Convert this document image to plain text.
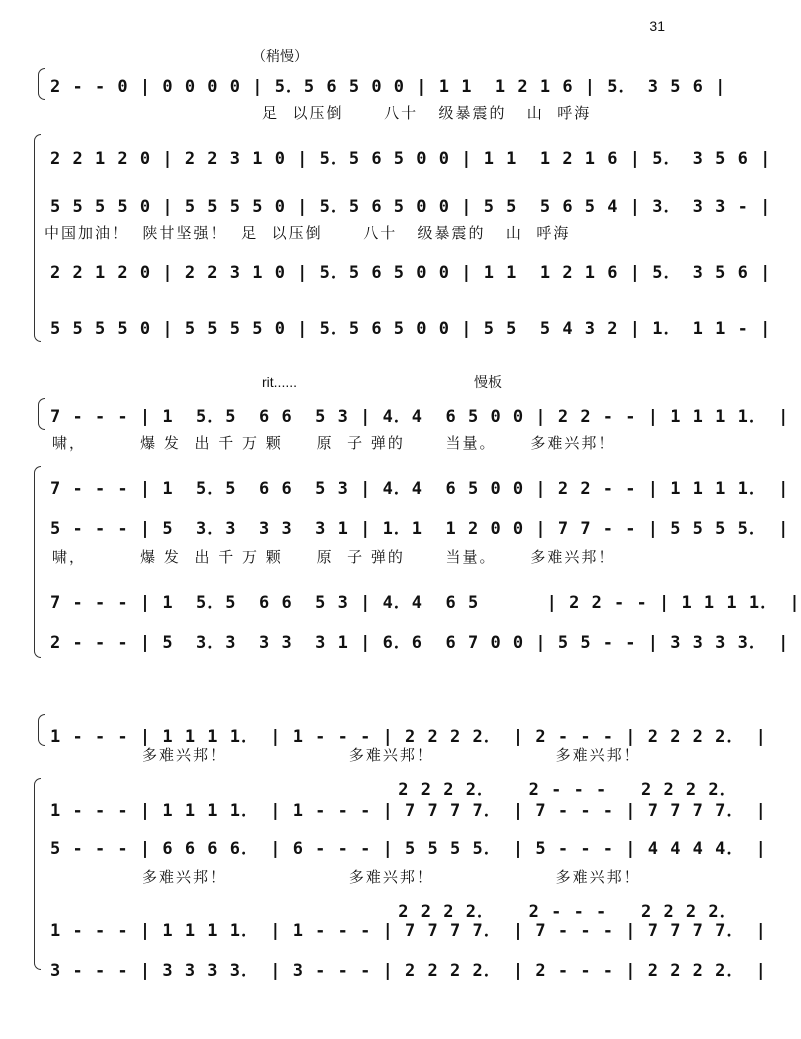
31
（稍慢）
2 - - 0 | 0 0 0 0 | 5．5 6 5 0 0 | 1 1  1 2 1 6 | 5． 3 5 6 |
足  以压倒      八十   级暴震的   山  呼海
2 2 1 2 0 | 2 2 3 1 0 | 5．5 6 5 0 0 | 1 1  1 2 1 6 | 5． 3 5 6 |
5 5 5 5 0 | 5 5 5 5 0 | 5．5 6 5 0 0 | 5 5  5 6 5 4 | 3． 3 3 - |
中国加油！  陕甘坚强！  足  以压倒      八十   级暴震的   山  呼海
2 2 1 2 0 | 2 2 3 1 0 | 5．5 6 5 0 0 | 1 1  1 2 1 6 | 5． 3 5 6 |
5 5 5 5 0 | 5 5 5 5 0 | 5．5 6 5 0 0 | 5 5  5 4 3 2 | 1． 1 1 - |
rit......	慢板
7 - - - | 1  5．5  6 6  5 3 | 4．4  6 5 0 0 | 2 2 - - | 1 1 1 1． |
啸，        爆 发  出 千 万 颗     原  子 弹的      当量。     多难兴邦！
7 - - - | 1  5．5  6 6  5 3 | 4．4  6 5 0 0 | 2 2 - - | 1 1 1 1． |
5 - - - | 5  3．3  3 3  3 1 | 1．1  1 2 0 0 | 7 7 - - | 5 5 5 5． |
啸，        爆 发  出 千 万 颗     原  子 弹的      当量。     多难兴邦！
7 - - - | 1  5．5  6 6  5 3 | 4．4  6 5      | 2 2 - - | 1 1 1 1． |
2 - - - | 5  3．3  3 3  3 1 | 6．6  6 7 0 0 | 5 5 - - | 3 3 3 3． |
1 - - - | 1 1 1 1． | 1 - - - | 2 2 2 2． | 2 - - - | 2 2 2 2． |
多难兴邦！                  多难兴邦！                  多难兴邦！
2 2 2 2．   2 - - -   2 2 2 2．
1 - - - | 1 1 1 1． | 1 - - - | 7 7 7 7． | 7 - - - | 7 7 7 7． |
5 - - - | 6 6 6 6． | 6 - - - | 5 5 5 5． | 5 - - - | 4 4 4 4． |
多难兴邦！                  多难兴邦！                  多难兴邦！
2 2 2 2．   2 - - -   2 2 2 2．
1 - - - | 1 1 1 1． | 1 - - - | 7 7 7 7． | 7 - - - | 7 7 7 7． |
3 - - - | 3 3 3 3． | 3 - - - | 2 2 2 2． | 2 - - - | 2 2 2 2． |
